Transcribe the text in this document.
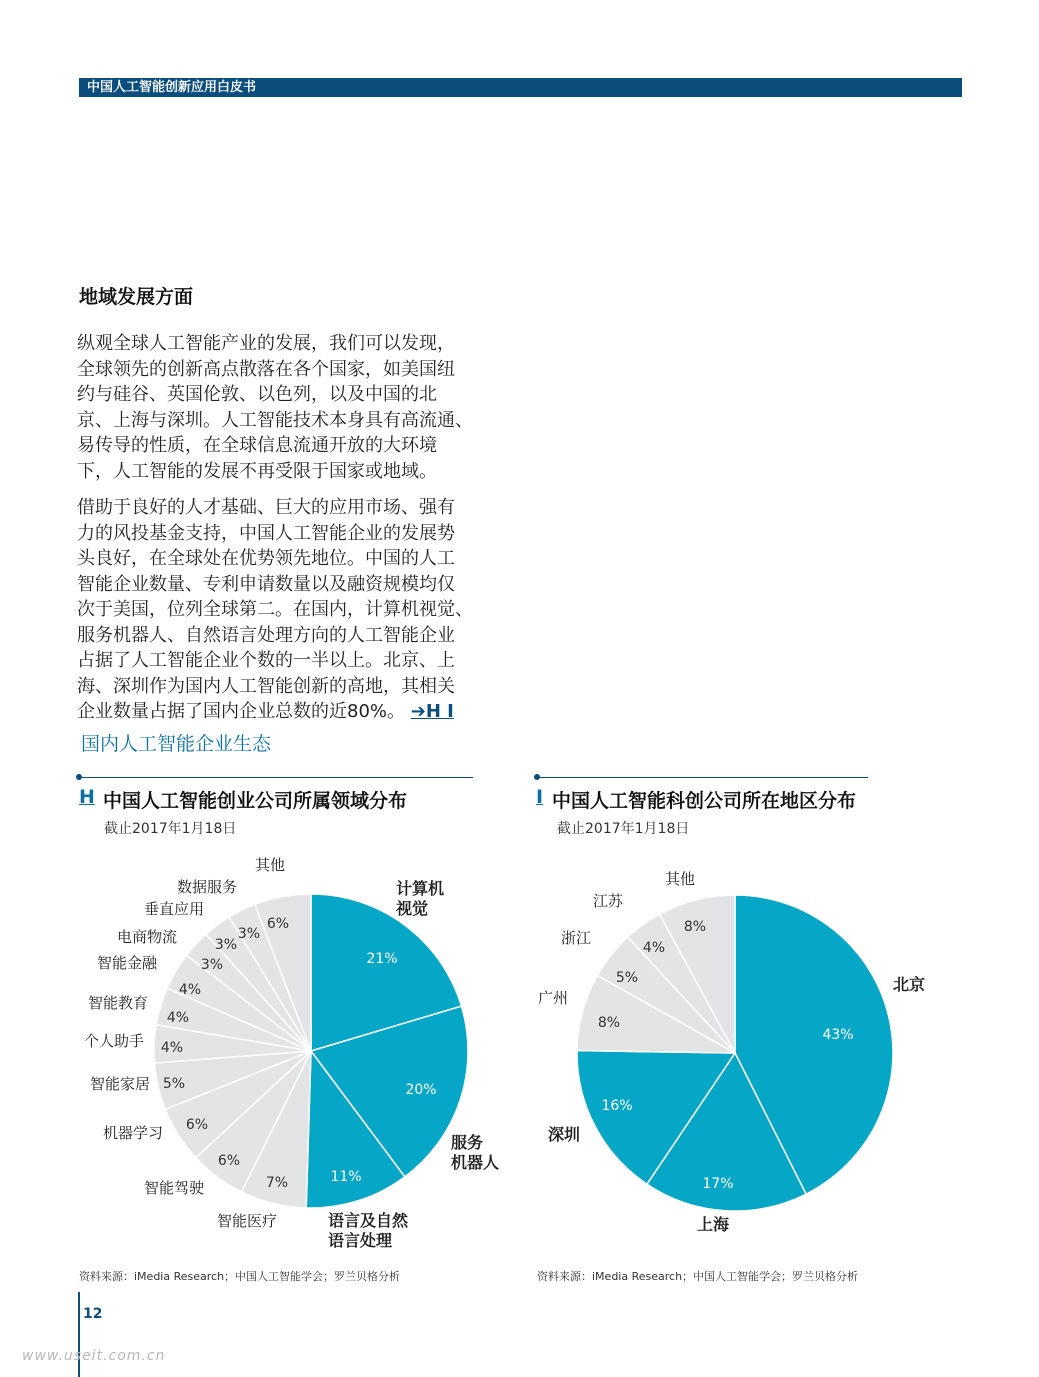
中国人工智能创新应用白皮书
地域发展方面
纵观全球人工智能产业的发展，我们可以发现，
全球领先的创新高点散落在各个国家，如美国纽
约与硅谷、英国伦敦、以色列，以及中国的北
京、上海与深圳。人工智能技术本身具有高流通、
易传导的性质，在全球信息流通开放的大环境
下，人工智能的发展不再受限于国家或地域。
借助于良好的人才基础、巨大的应用市场、强有
力的风投基金支持，中国人工智能企业的发展势
头良好，在全球处在优势领先地位。中国的人工
智能企业数量、专利申请数量以及融资规模均仅
次于美国，位列全球第二。在国内，计算机视觉、
服务机器人、自然语言处理方向的人工智能企业
占据了人工智能企业个数的一半以上。北京、上
海、深圳作为国内人工智能创新的高地，其相关
企业数量占据了国内企业总数的近80%。 ➔H I
国内人工智能企业生态
H 中国人工智能创业公司所属领域分布
截止2017年1月18日
I 中国人工智能科创公司所在地区分布
截止2017年1月18日
21%
计算机视觉
20%
服务机器人
11%
语言及自然语言处理
7%
智能医疗
6%
智能驾驶
6%
机器学习
5%
智能家居
4%
个人助手
4%
智能教育
4%
智能金融	3%
电商物流	3%
垂直应用
3%
数据服务
6%
其他
43%
北京
17%
上海
16%
深圳
8%
广州
5%
浙江
4%
江苏
8%
其他
资料来源：iMedia Research；中国人工智能学会；罗兰贝格分析	资料来源：iMedia Research；中国人工智能学会；罗兰贝格分析
12
www.useit.com.cn
